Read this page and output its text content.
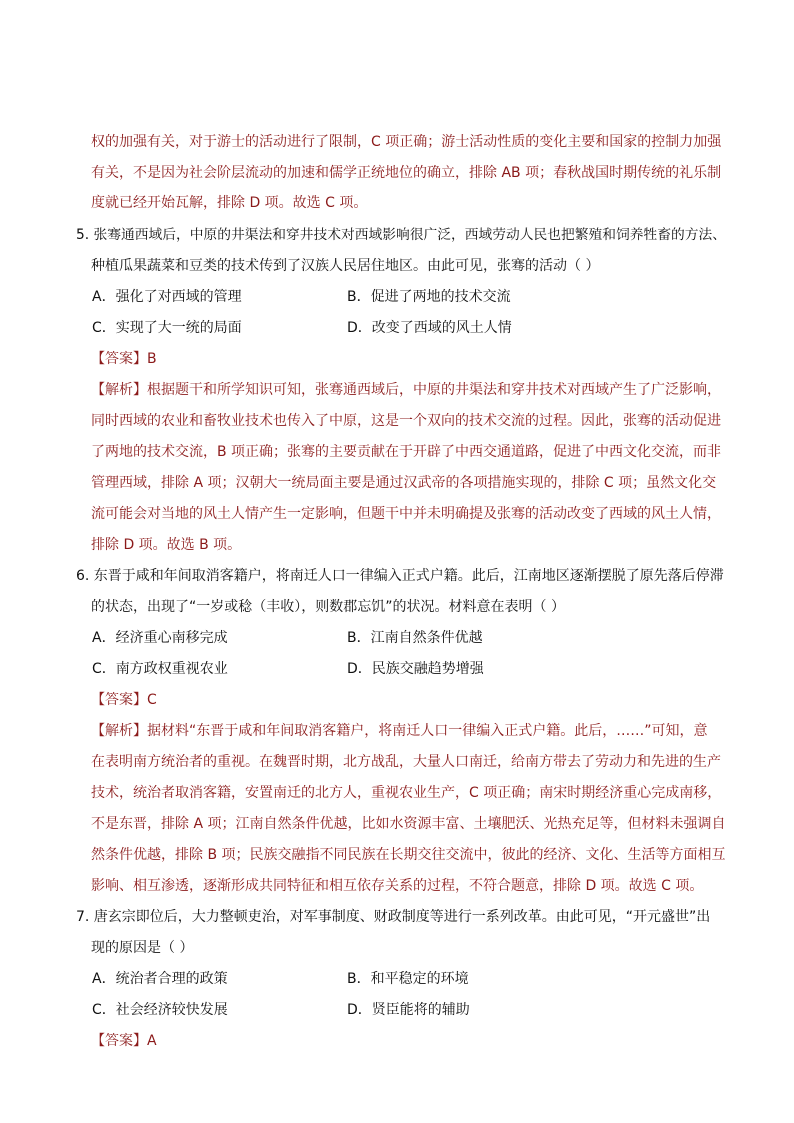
权的加强有关，对于游士的活动进行了限制，C 项正确；游士活动性质的变化主要和国家的控制力加强
有关，不是因为社会阶层流动的加速和儒学正统地位的确立，排除 AB 项；春秋战国时期传统的礼乐制
度就已经开始瓦解，排除 D 项。故选 C 项。
5. 张骞通西域后，中原的井渠法和穿井技术对西域影响很广泛，西域劳动人民也把繁殖和饲养牲畜的方法、
种植瓜果蔬菜和豆类的技术传到了汉族人民居住地区。由此可见，张骞的活动（ ）
A．强化了对西域的管理	B．促进了两地的技术交流
C．实现了大一统的局面	D．改变了西域的风土人情
【答案】B
【解析】根据题干和所学知识可知，张骞通西域后，中原的井渠法和穿井技术对西域产生了广泛影响，
同时西域的农业和畜牧业技术也传入了中原，这是一个双向的技术交流的过程。因此，张骞的活动促进
了两地的技术交流，B 项正确；张骞的主要贡献在于开辟了中西交通道路，促进了中西文化交流，而非
管理西域，排除 A 项；汉朝大一统局面主要是通过汉武帝的各项措施实现的，排除 C 项；虽然文化交
流可能会对当地的风土人情产生一定影响，但题干中并未明确提及张骞的活动改变了西域的风土人情，
排除 D 项。故选 B 项。
6. 东晋于咸和年间取消客籍户，将南迁人口一律编入正式户籍。此后，江南地区逐渐摆脱了原先落后停滞
的状态，出现了“一岁或稔（丰收），则数郡忘饥”的状况。材料意在表明（ ）
A．经济重心南移完成	B．江南自然条件优越
C．南方政权重视农业	D．民族交融趋势增强
【答案】C
【解析】据材料“东晋于咸和年间取消客籍户，将南迁人口一律编入正式户籍。此后，……”可知，意
在表明南方统治者的重视。在魏晋时期，北方战乱，大量人口南迁，给南方带去了劳动力和先进的生产
技术，统治者取消客籍，安置南迁的北方人，重视农业生产，C 项正确；南宋时期经济重心完成南移，
不是东晋，排除 A 项；江南自然条件优越，比如水资源丰富、土壤肥沃、光热充足等，但材料未强调自
然条件优越，排除 B 项；民族交融指不同民族在长期交往交流中，彼此的经济、文化、生活等方面相互
影响、相互渗透，逐渐形成共同特征和相互依存关系的过程，不符合题意，排除 D 项。故选 C 项。
7. 唐玄宗即位后，大力整顿吏治，对军事制度、财政制度等进行一系列改革。由此可见，“开元盛世”出
现的原因是（ ）
A．统治者合理的政策	B．和平稳定的环境
C．社会经济较快发展	D．贤臣能将的辅助
【答案】A
